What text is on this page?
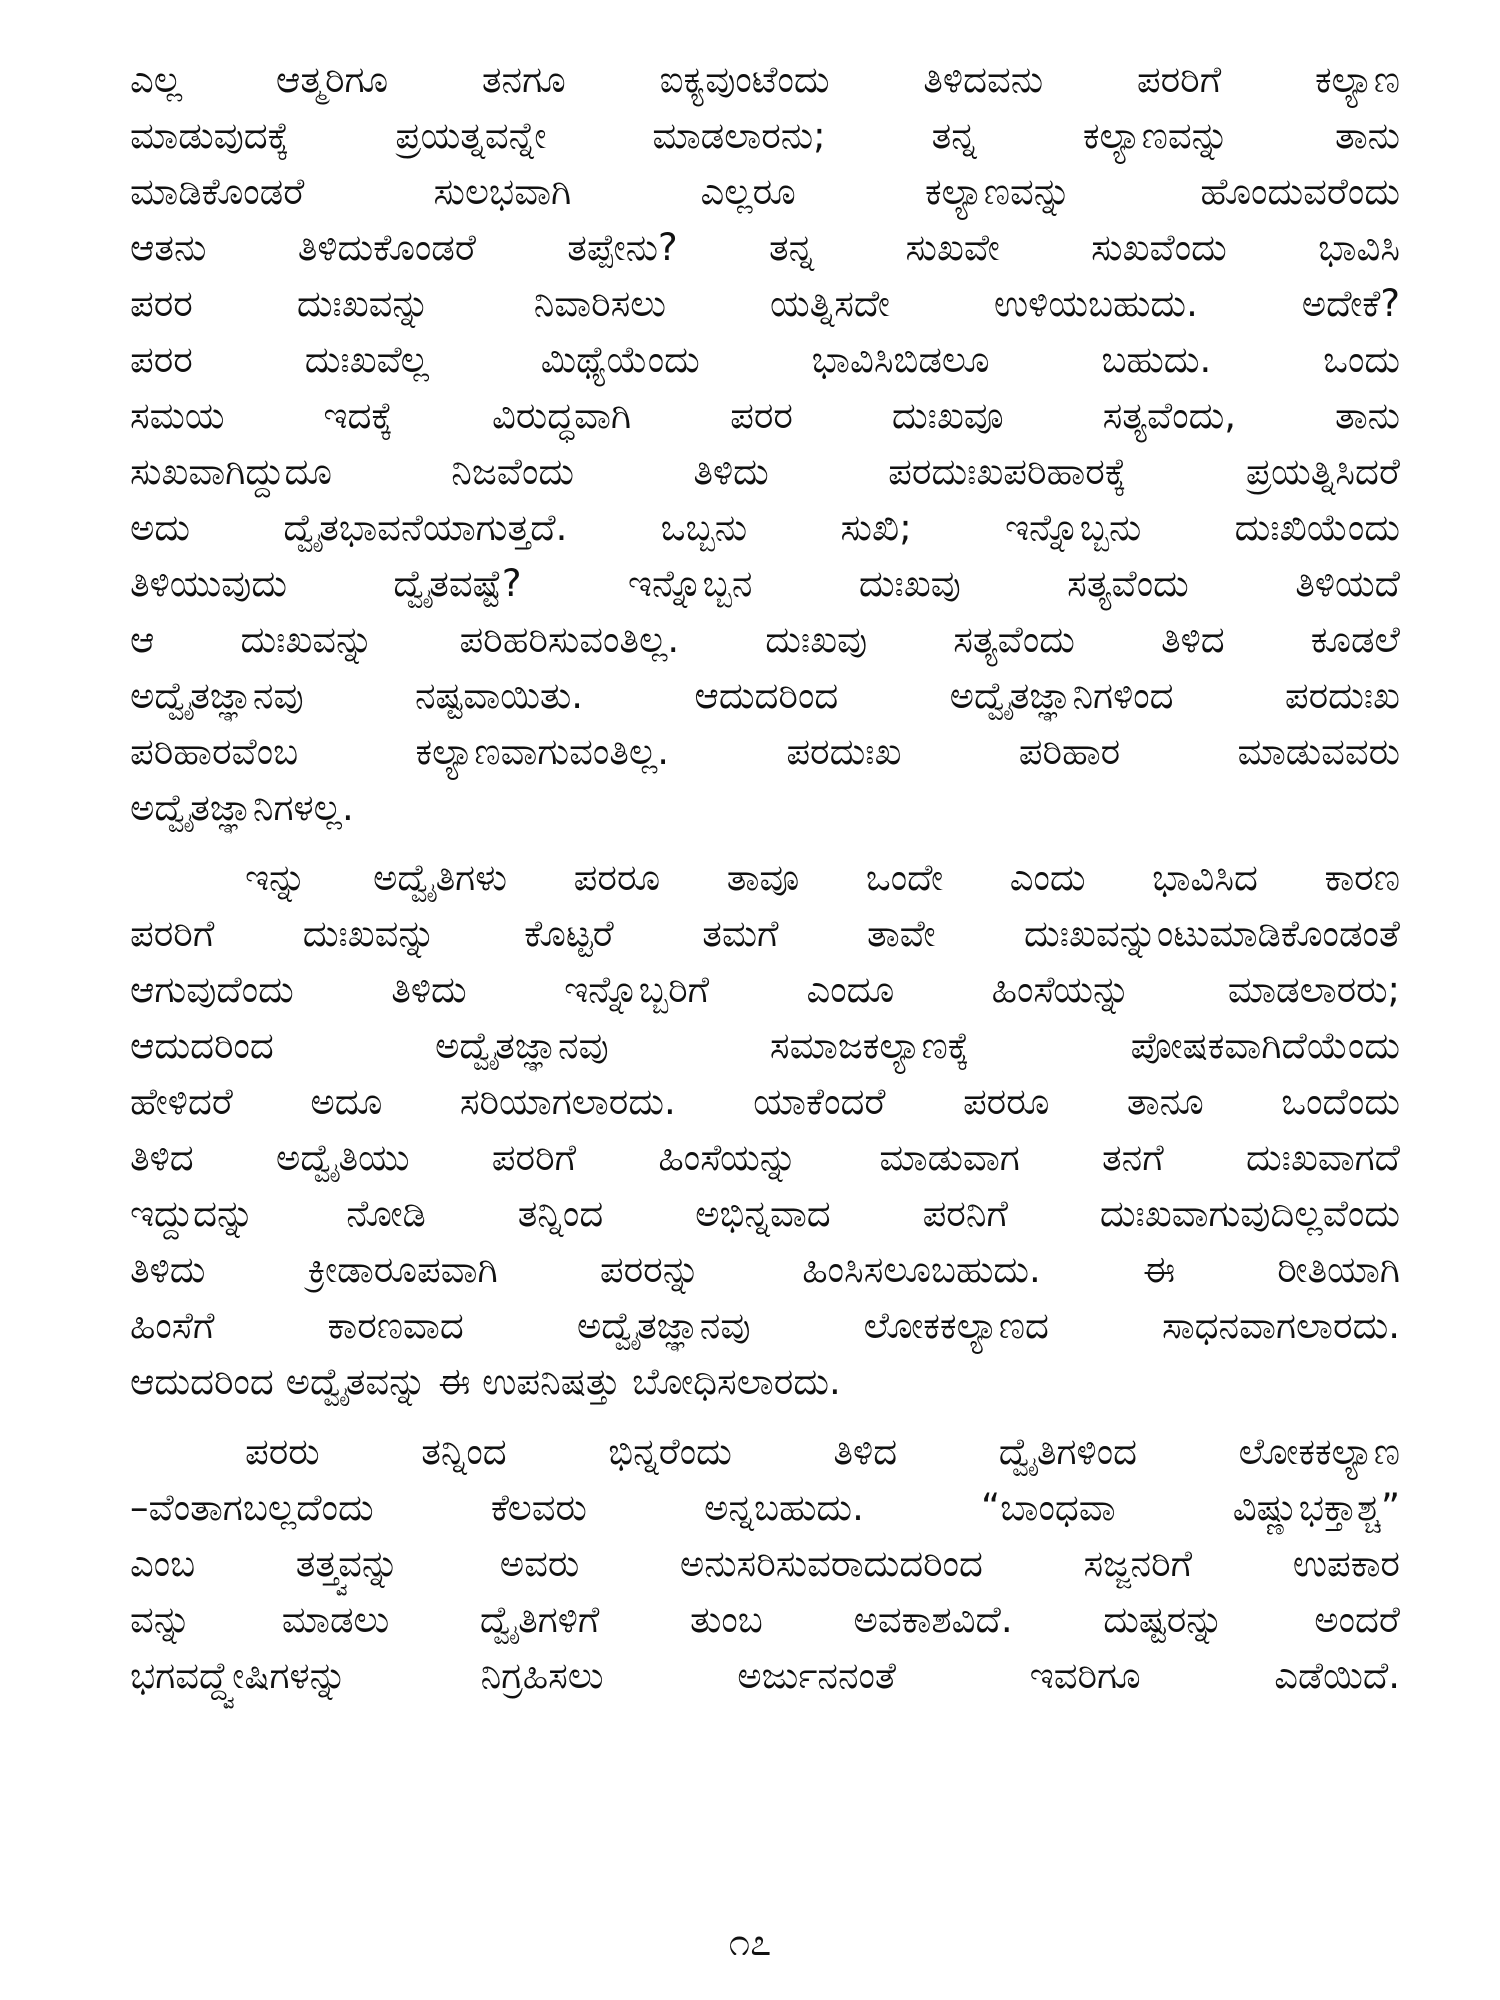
ಎಲ್ಲ ಆತ್ಮರಿಗೂ ತನಗೂ ಐಕ್ಯವುಂಟೆಂದು ತಿಳಿದವನು ಪರರಿಗೆ ಕಲ್ಯಾಣ
ಮಾಡುವುದಕ್ಕೆ ಪ್ರಯತ್ನವನ್ನೇ ಮಾಡಲಾರನು; ತನ್ನ ಕಲ್ಯಾಣವನ್ನು ತಾನು
ಮಾಡಿಕೊಂಡರೆ ಸುಲಭವಾಗಿ ಎಲ್ಲರೂ ಕಲ್ಯಾಣವನ್ನು ಹೊಂದುವರೆಂದು
ಆತನು ತಿಳಿದುಕೊಂಡರೆ ತಪ್ಪೇನು? ತನ್ನ ಸುಖವೇ ಸುಖವೆಂದು ಭಾವಿಸಿ
ಪರರ ದುಃಖವನ್ನು ನಿವಾರಿಸಲು ಯತ್ನಿಸದೇ ಉಳಿಯಬಹುದು. ಅದೇಕೆ?
ಪರರ ದುಃಖವೆಲ್ಲ ಮಿಥ್ಯೆಯೆಂದು ಭಾವಿಸಿಬಿಡಲೂ ಬಹುದು. ಒಂದು
ಸಮಯ ಇದಕ್ಕೆ ವಿರುದ್ಧವಾಗಿ ಪರರ ದುಃಖವೂ ಸತ್ಯವೆಂದು, ತಾನು
ಸುಖವಾಗಿದ್ದುದೂ ನಿಜವೆಂದು ತಿಳಿದು ಪರದುಃಖಪರಿಹಾರಕ್ಕೆ ಪ್ರಯತ್ನಿಸಿದರೆ
ಅದು ದ್ವೈತಭಾವನೆಯಾಗುತ್ತದೆ. ಒಬ್ಬನು ಸುಖಿ; ಇನ್ನೊಬ್ಬನು ದುಃಖಿಯೆಂದು
ತಿಳಿಯುವುದು ದ್ವೈತವಷ್ಟೆ? ಇನ್ನೊಬ್ಬನ ದುಃಖವು ಸತ್ಯವೆಂದು ತಿಳಿಯದೆ
ಆ ದುಃಖವನ್ನು ಪರಿಹರಿಸುವಂತಿಲ್ಲ. ದುಃಖವು ಸತ್ಯವೆಂದು ತಿಳಿದ ಕೂಡಲೆ
ಅದ್ವೈತಜ್ಞಾನವು ನಷ್ಟವಾಯಿತು. ಆದುದರಿಂದ ಅದ್ವೈತಜ್ಞಾನಿಗಳಿಂದ ಪರದುಃಖ
ಪರಿಹಾರವೆಂಬ ಕಲ್ಯಾಣವಾಗುವಂತಿಲ್ಲ. ಪರದುಃಖ ಪರಿಹಾರ ಮಾಡುವವರು
ಅದ್ವೈತಜ್ಞಾನಿಗಳಲ್ಲ.

ಇನ್ನು ಅದ್ವೈತಿಗಳು ಪರರೂ ತಾವೂ ಒಂದೇ ಎಂದು ಭಾವಿಸಿದ ಕಾರಣ
ಪರರಿಗೆ ದುಃಖವನ್ನು ಕೊಟ್ಟರೆ ತಮಗೆ ತಾವೇ ದುಃಖವನ್ನುಂಟುಮಾಡಿಕೊಂಡಂತೆ
ಆಗುವುದೆಂದು ತಿಳಿದು ಇನ್ನೊಬ್ಬರಿಗೆ ಎಂದೂ ಹಿಂಸೆಯನ್ನು ಮಾಡಲಾರರು;
ಆದುದರಿಂದ ಅದ್ವೈತಜ್ಞಾನವು ಸಮಾಜಕಲ್ಯಾಣಕ್ಕೆ ಪೋಷಕವಾಗಿದೆಯೆಂದು
ಹೇಳಿದರೆ ಅದೂ ಸರಿಯಾಗಲಾರದು. ಯಾಕೆಂದರೆ ಪರರೂ ತಾನೂ ಒಂದೆಂದು
ತಿಳಿದ ಅದ್ವೈತಿಯು ಪರರಿಗೆ ಹಿಂಸೆಯನ್ನು ಮಾಡುವಾಗ ತನಗೆ ದುಃಖವಾಗದೆ
ಇದ್ದುದನ್ನು ನೋಡಿ ತನ್ನಿಂದ ಅಭಿನ್ನವಾದ ಪರನಿಗೆ ದುಃಖವಾಗುವುದಿಲ್ಲವೆಂದು
ತಿಳಿದು ಕ್ರೀಡಾರೂಪವಾಗಿ ಪರರನ್ನು ಹಿಂಸಿಸಲೂಬಹುದು. ಈ ರೀತಿಯಾಗಿ
ಹಿಂಸೆಗೆ ಕಾರಣವಾದ ಅದ್ವೈತಜ್ಞಾನವು ಲೋಕಕಲ್ಯಾಣದ ಸಾಧನವಾಗಲಾರದು.
ಆದುದರಿಂದ ಅದ್ವೈತವನ್ನು ಈ ಉಪನಿಷತ್ತು ಬೋಧಿಸಲಾರದು.

ಪರರು ತನ್ನಿಂದ ಭಿನ್ನರೆಂದು ತಿಳಿದ ದ್ವೈತಿಗಳಿಂದ ಲೋಕಕಲ್ಯಾಣ
–ವೆಂತಾಗಬಲ್ಲದೆಂದು ಕೆಲವರು ಅನ್ನಬಹುದು. “ಬಾಂಧವಾ ವಿಷ್ಣುಭಕ್ತಾಶ್ಚ”
ಎಂಬ ತತ್ತ್ವವನ್ನು ಅವರು ಅನುಸರಿಸುವರಾದುದರಿಂದ ಸಜ್ಜನರಿಗೆ ಉಪಕಾರ
ವನ್ನು ಮಾಡಲು ದ್ವೈತಿಗಳಿಗೆ ತುಂಬ ಅವಕಾಶವಿದೆ. ದುಷ್ಟರನ್ನು ಅಂದರೆ
ಭಗವದ್ದ್ವೇಷಿಗಳನ್ನು ನಿಗ್ರಹಿಸಲು ಅರ್ಜುನನಂತೆ ಇವರಿಗೂ ಎಡೆಯಿದೆ.

೧೭
